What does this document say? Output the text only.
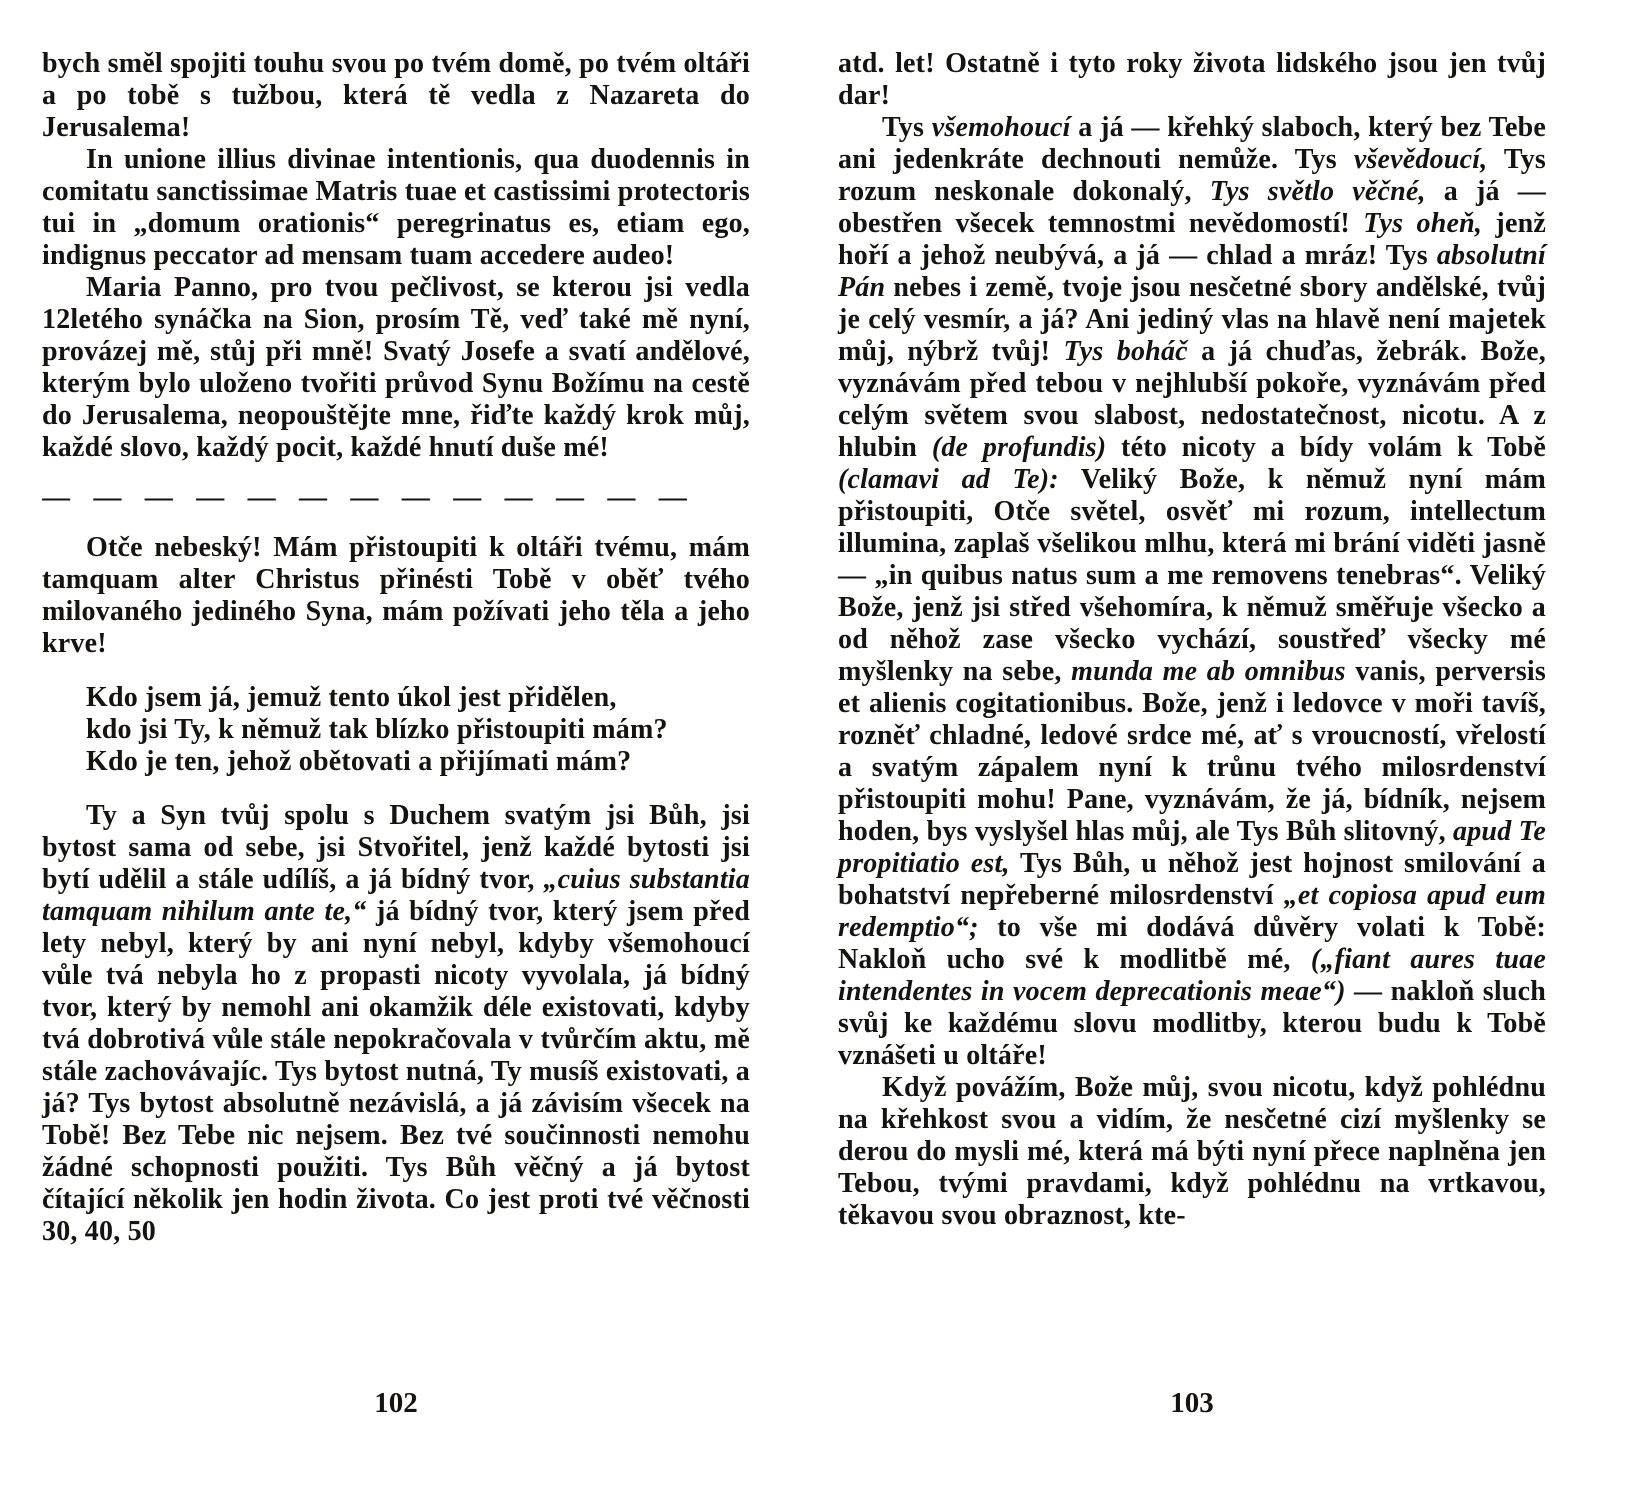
bych směl spojiti touhu svou po tvém domě, po tvém oltáři a po tobě s tužbou, která tě vedla z Nazareta do Jerusalema!

In unione illius divinae intentionis, qua duodennis in comitatu sanctissimae Matris tuae et castissimi protectoris tui in „domum orationis“ peregrinatus es, etiam ego, indignus peccator ad mensam tuam accedere audeo!

Maria Panno, pro tvou pečlivost, se kterou jsi vedla 12letého synáčka na Sion, prosím Tě, veď také mě nyní, provázej mě, stůj při mně! Svatý Josefe a svatí andělové, kterým bylo uloženo tvořiti průvod Synu Božímu na cestě do Jerusalema, neopouštějte mne, řiďte každý krok můj, každé slovo, každý pocit, každé hnutí duše mé!

— — — — — — — — — — — — —

Otče nebeský! Mám přistoupiti k oltáři tvému, mám tamquam alter Christus přinésti Tobě v oběť tvého milovaného jediného Syna, mám požívati jeho těla a jeho krve!

Kdo jsem já, jemuž tento úkol jest přidělen,
kdo jsi Ty, k němuž tak blízko přistoupiti mám?
Kdo je ten, jehož obětovati a přijímati mám?

Ty a Syn tvůj spolu s Duchem svatým jsi Bůh, jsi bytost sama od sebe, jsi Stvořitel, jenž každé bytosti jsi bytí udělil a stále udílíš, a já bídný tvor, „cuius substantia tamquam nihilum ante te,“ já bídný tvor, který jsem před lety nebyl, který by ani nyní nebyl, kdyby všemohoucí vůle tvá nebyla ho z propasti nicoty vyvolala, já bídný tvor, který by nemohl ani okamžik déle existovati, kdyby tvá dobrotivá vůle stále nepokračovala v tvůrčím aktu, mě stále zachovávajíc. Tys bytost nutná, Ty musíš existovati, a já? Tys bytost absolutně nezávislá, a já závisím všecek na Tobě! Bez Tebe nic nejsem. Bez tvé součinnosti nemohu žádné schopnosti použiti. Tys Bůh věčný a já bytost čítající několik jen hodin života. Co jest proti tvé věčnosti 30, 40, 50

102

atd. let! Ostatně i tyto roky života lidského jsou jen tvůj dar!

Tys všemohoucí a já — křehký slaboch, který bez Tebe ani jedenkráte dechnouti nemůže. Tys vševědoucí, Tys rozum neskonale dokonalý, Tys světlo věčné, a já — obestřen všecek temnostmi nevědomostí! Tys oheň, jenž hoří a jehož neubývá, a já — chlad a mráz! Tys absolutní Pán nebes i země, tvoje jsou nesčetné sbory andělské, tvůj je celý vesmír, a já? Ani jediný vlas na hlavě není majetek můj, nýbrž tvůj! Tys boháč a já chuďas, žebrák. Bože, vyznávám před tebou v nejhlubší pokoře, vyznávám před celým světem svou slabost, nedostatečnost, nicotu. A z hlubin (de profundis) této nicoty a bídy volám k Tobě (clamavi ad Te): Veliký Bože, k němuž nyní mám přistoupiti, Otče světel, osvěť mi rozum, intellectum illumina, zaplaš všelikou mlhu, která mi brání viděti jasně — „in quibus natus sum a me removens tenebras“. Veliký Bože, jenž jsi střed všehomíra, k němuž směřuje všecko a od něhož zase všecko vychází, soustřeď všecky mé myšlenky na sebe, munda me ab omnibus vanis, perversis et alienis cogitationibus. Bože, jenž i ledovce v moři tavíš, rozněť chladné, ledové srdce mé, ať s vroucností, vřelostí a svatým zápalem nyní k trůnu tvého milosrdenství přistoupiti mohu! Pane, vyznávám, že já, bídník, nejsem hoden, bys vyslyšel hlas můj, ale Tys Bůh slitovný, apud Te propitiatio est, Tys Bůh, u něhož jest hojnost smilování a bohatství nepřeberné milosrdenství „et copiosa apud eum redemptio“; to vše mi dodává důvěry volati k Tobě: Nakloň ucho své k modlitbě mé, („fiant aures tuae intendentes in vocem deprecationis meae“) — nakloň sluch svůj ke každému slovu modlitby, kterou budu k Tobě vznášeti u oltáře!

Když povážím, Bože můj, svou nicotu, když pohlédnu na křehkost svou a vidím, že nesčetné cizí myšlenky se derou do mysli mé, která má býti nyní přece naplněna jen Tebou, tvými pravdami, když pohlédnu na vrtkavou, těkavou svou obraznost, kte-

103
